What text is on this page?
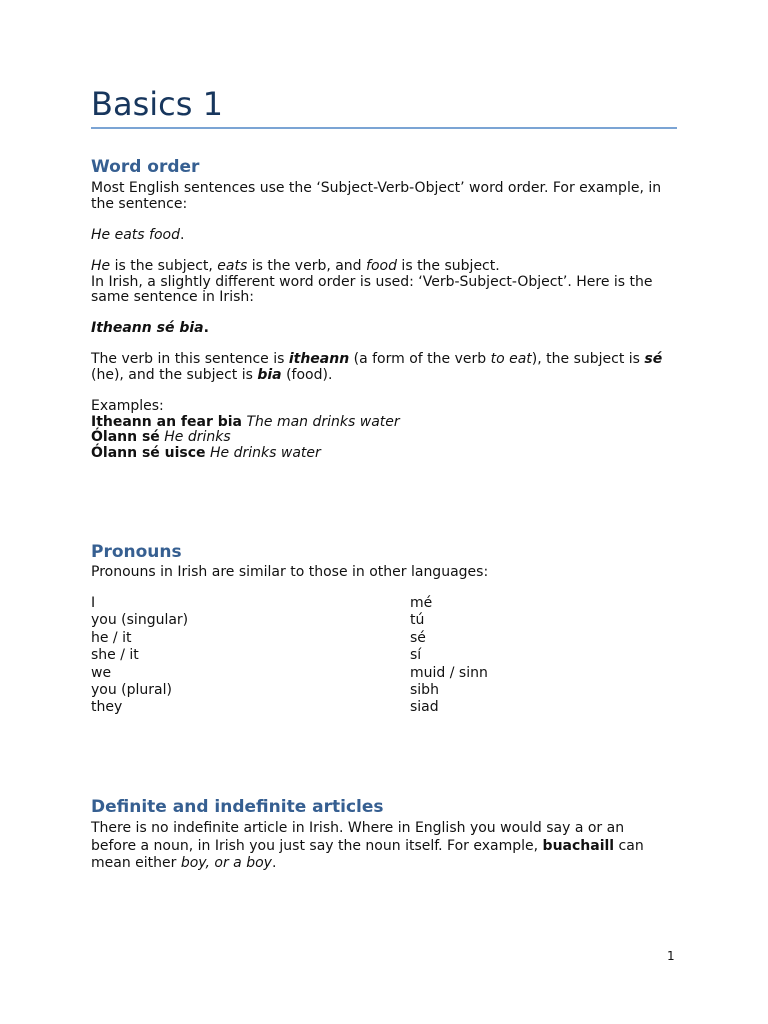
Basics 1
Word order
Most English sentences use the ‘Subject-Verb-Object’ word order. For example, in
the sentence:
He eats food.
He is the subject, eats is the verb, and food is the subject.
In Irish, a slightly different word order is used: ‘Verb-Subject-Object’. Here is the
same sentence in Irish:
Itheann sé bia.
The verb in this sentence is itheann (a form of the verb to eat), the subject is sé
(he), and the subject is bia (food).
Examples:
Itheann an fear bia The man drinks water
Ólann sé He drinks
Ólann sé uisce He drinks water
Pronouns
Pronouns in Irish are similar to those in other languages:
I	mé
you (singular)	tú
he / it	sé
she / it	sí
we	muid / sinn
you (plural)	sibh
they	siad
Definite and indefinite articles
There is no indefinite article in Irish. Where in English you would say a or an
before a noun, in Irish you just say the noun itself. For example, buachaill can
mean either boy, or a boy.
1
